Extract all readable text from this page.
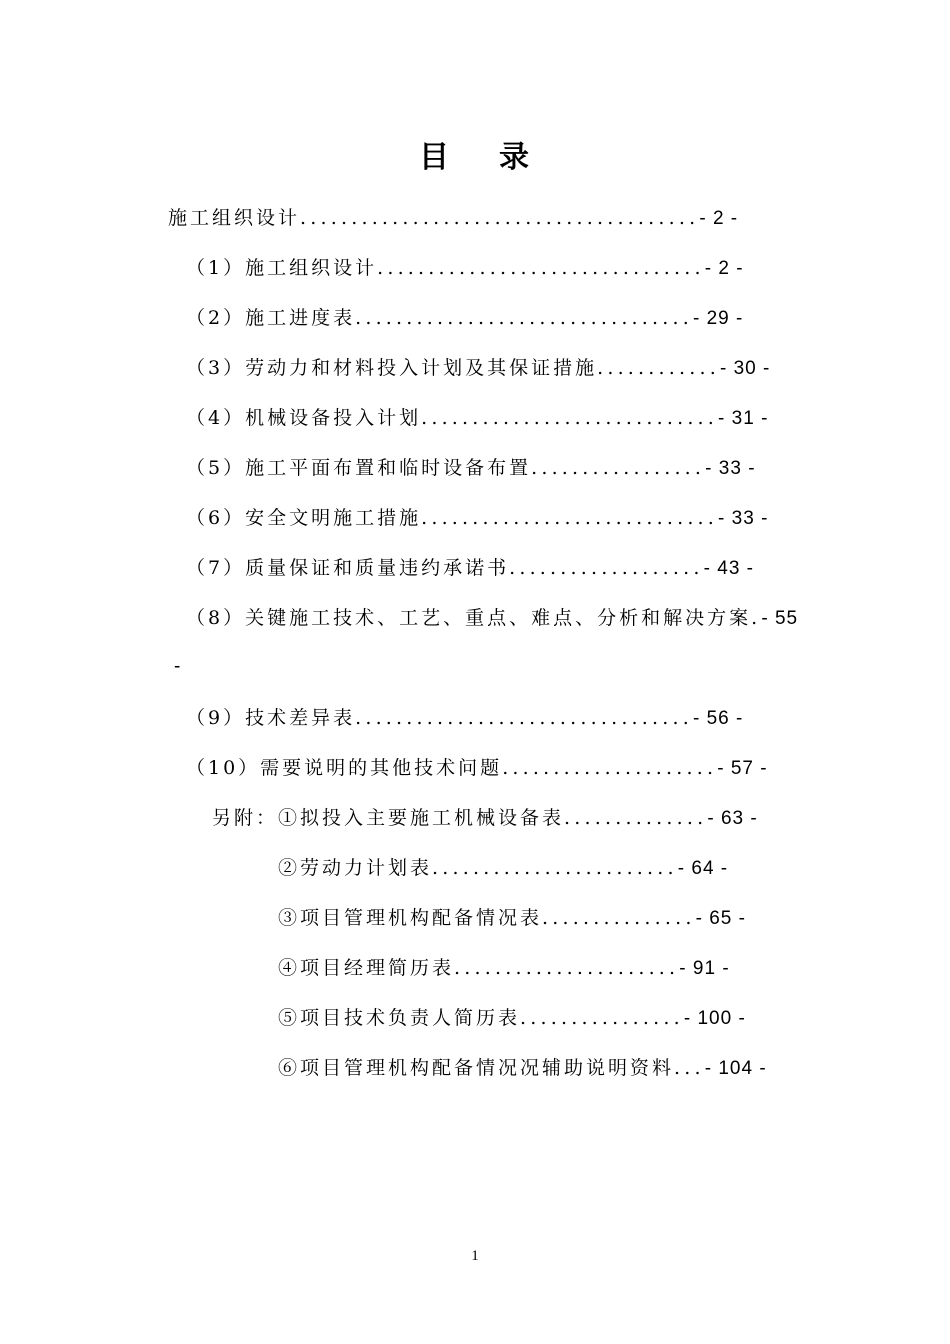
目 录
施工组织设计.......................................- 2 -
（1）施工组织设计................................- 2 -
（2）施工进度表.................................- 29 -
（3）劳动力和材料投入计划及其保证措施............- 30 -
（4）机械设备投入计划.............................- 31 -
（5）施工平面布置和临时设备布置.................- 33 -
（6）安全文明施工措施.............................- 33 -
（7）质量保证和质量违约承诺书...................- 43 -
（8）关键施工技术、工艺、重点、难点、分析和解决方案.- 55
-
（9）技术差异表.................................- 56 -
（10）需要说明的其他技术问题.....................- 57 -
另附：①拟投入主要施工机械设备表..............- 63 -
②劳动力计划表........................- 64 -
③项目管理机构配备情况表...............- 65 -
④项目经理简历表......................- 91 -
⑤项目技术负责人简历表................- 100 -
⑥项目管理机构配备情况况辅助说明资料...- 104 -
1
